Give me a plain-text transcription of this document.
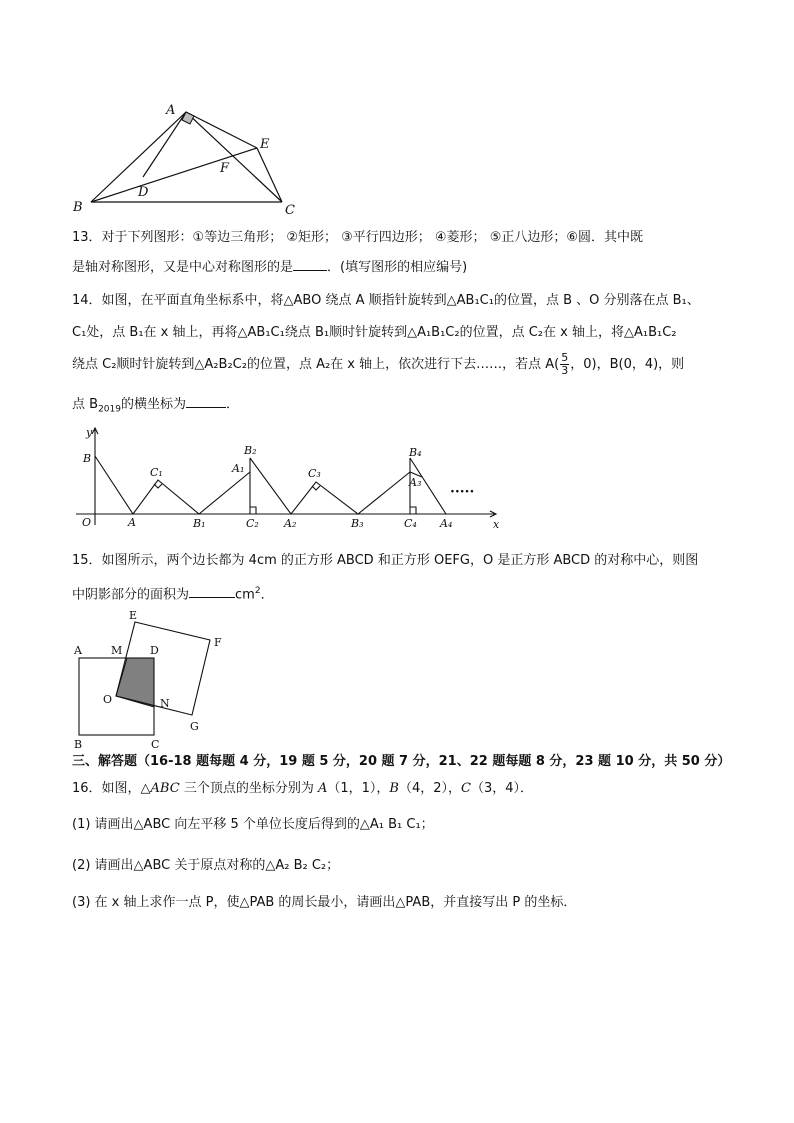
A
B	C
D
E
F
13．对于下列图形：①等边三角形； ②矩形； ③平行四边形； ④菱形； ⑤正八边形；⑥圆．其中既
是轴对称图形，又是中心对称图形的是	．(填写图形的相应编号)
14．如图，在平面直角坐标系中，将△ABO 绕点 A 顺指针旋转到△AB₁C₁的位置，点 B 、O 分别落在点 B₁、
C₁处，点 B₁在 x 轴上，再将△AB₁C₁绕点 B₁顺时针旋转到△A₁B₁C₂的位置，点 C₂在 x 轴上，将△A₁B₁C₂
绕点 C₂顺时针旋转到△A₂B₂C₂的位置，点 A₂在 x 轴上，依次进行下去……，若点 $A( \frac{5}{3}$ ，0)，B(0，4)，则
点 $B_{2019}$的横坐标为	．
y
x
O
B
A
C₁
B₁
A₁
B₂
C₂ A₂
C₃
B₃
B₄
A₃
C₄ A₄
·····
15．如图所示，两个边长都为 4cm 的正方形 ABCD 和正方形 OEFG，O 是正方形 ABCD 的对称中心，则图
中阴影部分的面积为	$cm^2$．
A	M	D
E
F
O	N
G
B	C
三、解答题（16-18 题每题 4 分，19 题 5 分，20 题 7 分，21、22 题每题 8 分，23 题 10 分，共 50 分）
16．如图，△ABC 三个顶点的坐标分别为 A（1，1），B（4，2），C（3，4）．
(1) 请画出△ABC 向左平移 5 个单位长度后得到的△A₁ B₁ C₁；
(2) 请画出△ABC 关于原点对称的△A₂ B₂ C₂；
(3) 在 x 轴上求作一点 P，使△PAB 的周长最小，请画出△PAB，并直接写出 P 的坐标．
